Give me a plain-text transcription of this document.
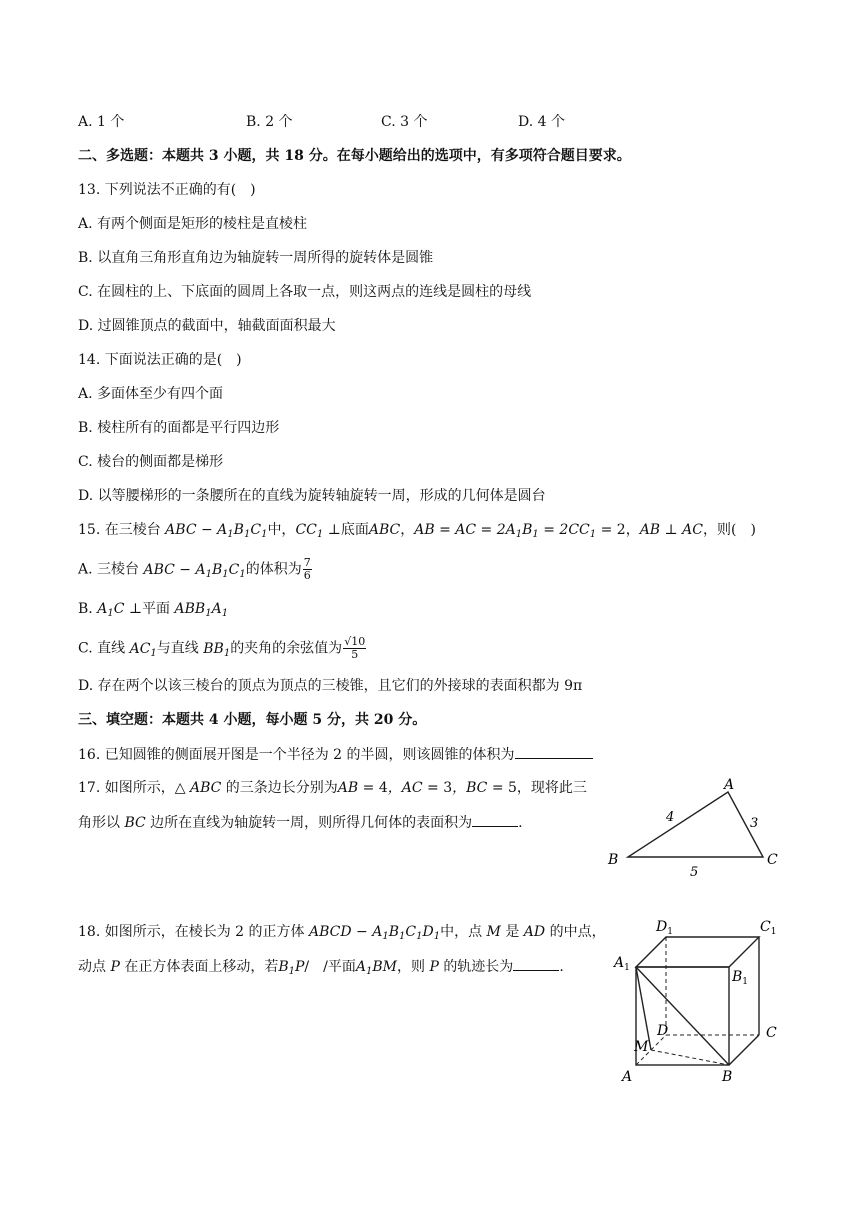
A. 1 个	B. 2 个	C. 3 个	D. 4 个
二、多选题：本题共 3 小题，共 18 分。在每小题给出的选项中，有多项符合题目要求。
13. 下列说法不正确的有(　)
A. 有两个侧面是矩形的棱柱是直棱柱
B. 以直角三角形直角边为轴旋转一周所得的旋转体是圆锥
C. 在圆柱的上、下底面的圆周上各取一点，则这两点的连线是圆柱的母线
D. 过圆锥顶点的截面中，轴截面面积最大
14. 下面说法正确的是(　)
A. 多面体至少有四个面
B. 棱柱所有的面都是平行四边形
C. 棱台的侧面都是梯形
D. 以等腰梯形的一条腰所在的直线为旋转轴旋转一周，形成的几何体是圆台
15. 在三棱台 ABC − $A_1B_1C_1$中，$CC_1$ ⊥底面ABC，AB = AC = $2A_1B_1 = 2CC_1 = 2$，AB ⊥ AC，则(　)
A. 三棱台 ABC − $A_1B_1C_1$的体积为 $\frac{7}{6}$
B. $A_1C$ ⊥平面 $ABB_1A_1$
C. 直线 $AC_1$与直线 $BB_1$的夹角的余弦值为 $\frac{√10}{5}$
D. 存在两个以该三棱台的顶点为顶点的三棱锥，且它们的外接球的表面积都为 9π
三、填空题：本题共 4 小题，每小题 5 分，共 20 分。
16. 已知圆锥的侧面展开图是一个半径为 2 的半圆，则该圆锥的体积为
17. 如图所示，△ ABC 的三条边长分别为AB = 4，AC = 3，BC = 5，现将此三
角形以 BC 边所在直线为轴旋转一周，则所得几何体的表面积为	.
A
B	C
4	3
5
18. 如图所示，在棱长为 2 的正方体 ABCD − $A_1B_1C_1D_1$中，点 M 是 AD 的中点，
动点 P 在正方体表面上移动，若$B_1P/$　/平面$A_1BM$，则 P 的轨迹长为	.
$D_1$	$C_1$
$A_1$
$B_1$
D	C
M
A	B
